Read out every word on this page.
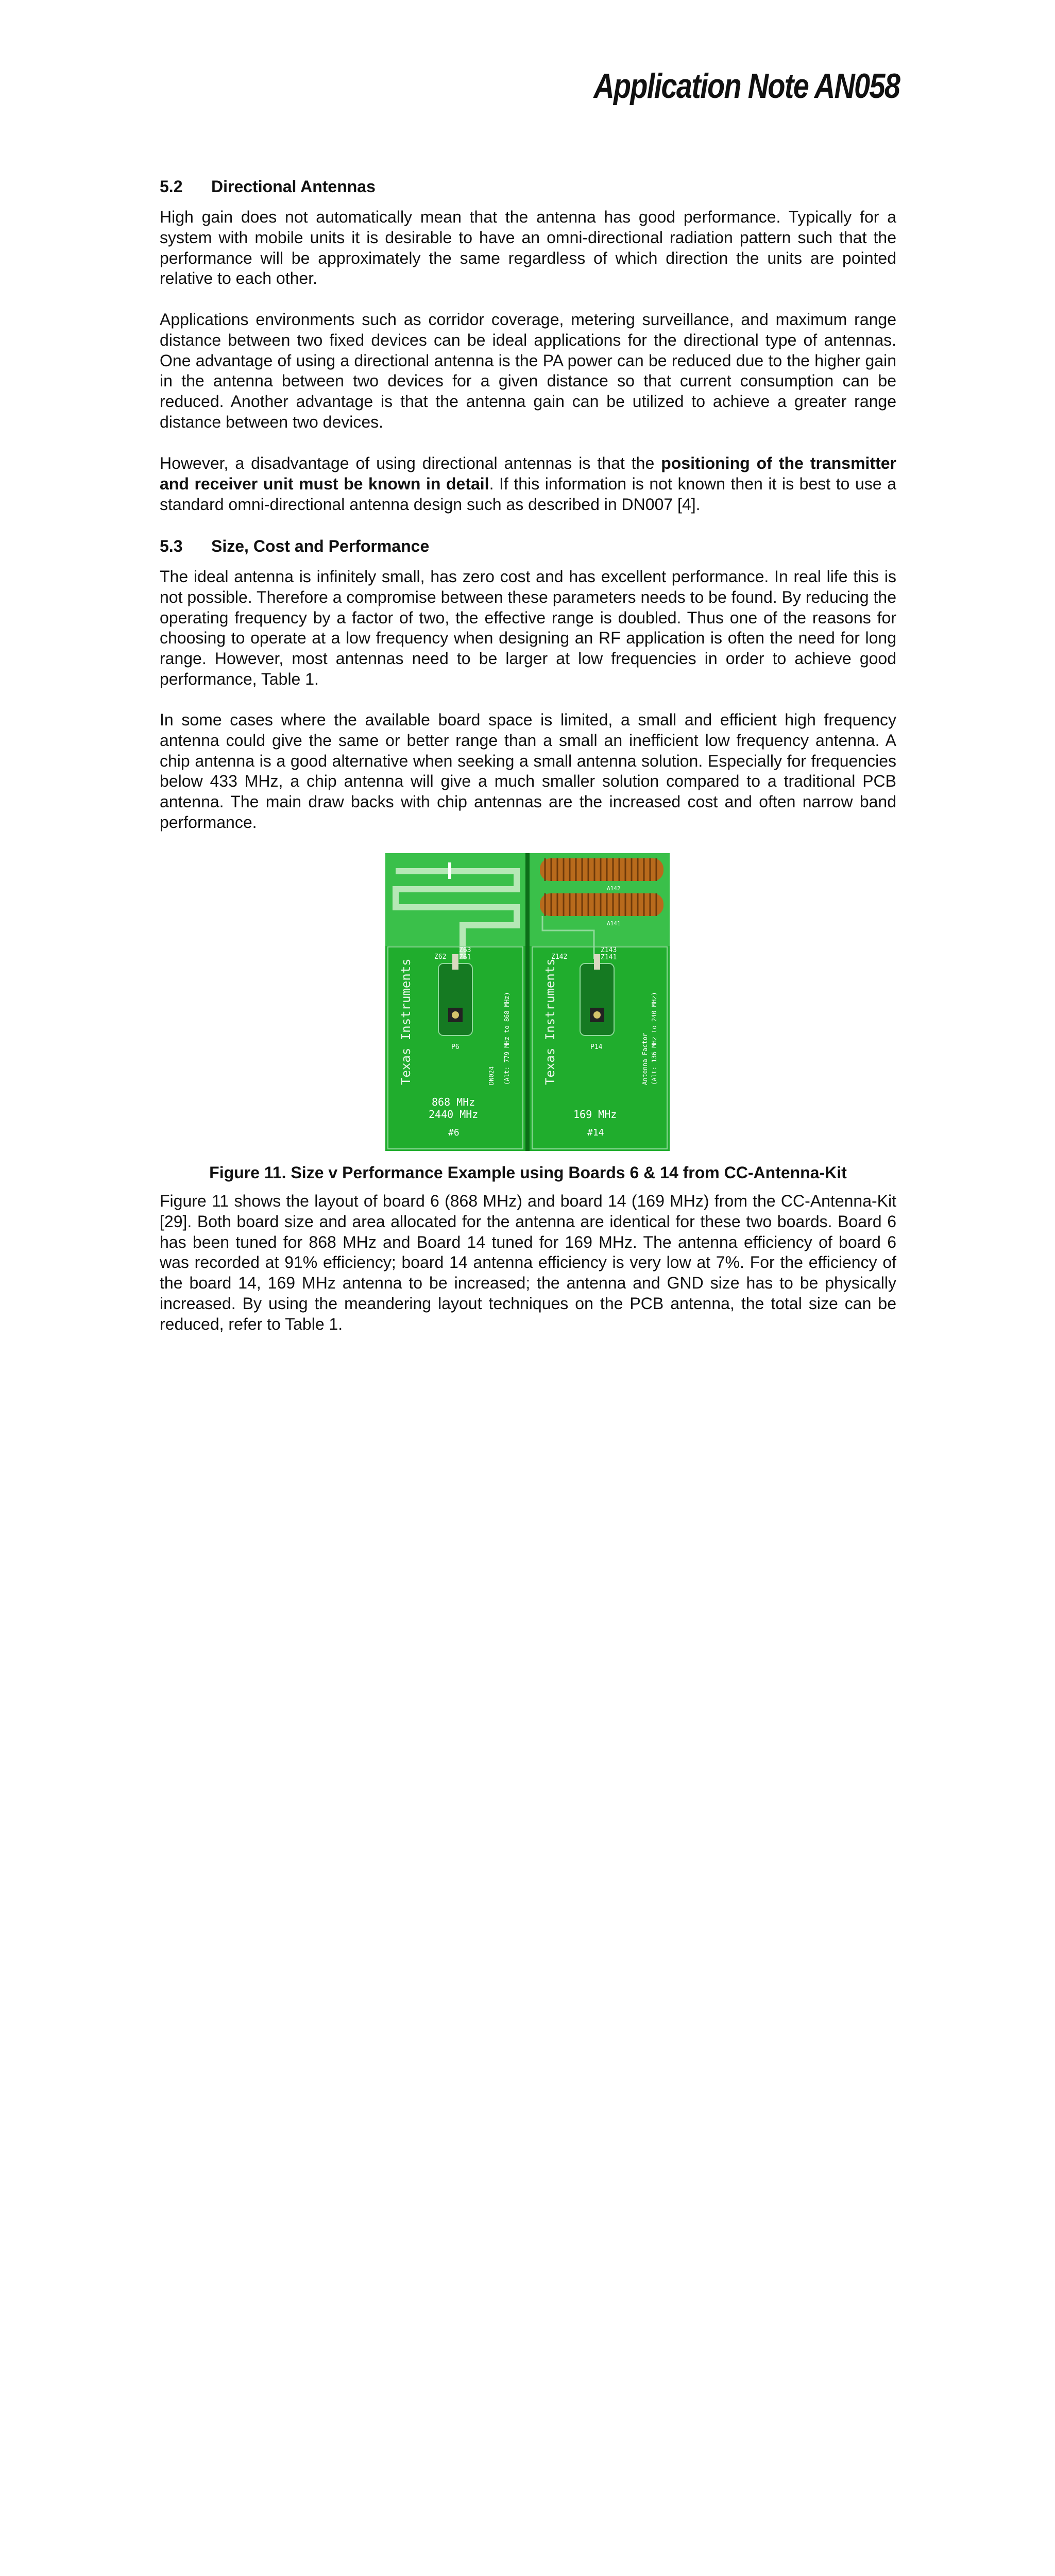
Application Note AN058
5.2 Directional Antennas

High gain does not automatically mean that the antenna has good performance. Typically for a system with mobile units it is desirable to have an omni-directional radiation pattern such that the performance will be approximately the same regardless of which direction the units are pointed relative to each other.

Applications environments such as corridor coverage, metering surveillance, and maximum range distance between two fixed devices can be ideal applications for the directional type of antennas. One advantage of using a directional antenna is the PA power can be reduced due to the higher gain in the antenna between two devices for a given distance so that current consumption can be reduced. Another advantage is that the antenna gain can be utilized to achieve a greater range distance between two devices.

However, a disadvantage of using directional antennas is that the positioning of the transmitter and receiver unit must be known in detail. If this information is not known then it is best to use a standard omni-directional antenna design such as described in DN007 [4].

5.3 Size, Cost and Performance

The ideal antenna is infinitely small, has zero cost and has excellent performance. In real life this is not possible. Therefore a compromise between these parameters needs to be found. By reducing the operating frequency by a factor of two, the effective range is doubled. Thus one of the reasons for choosing to operate at a low frequency when designing an RF application is often the need for long range. However, most antennas need to be larger at low frequencies in order to achieve good performance, Table 1.

In some cases where the available board space is limited, a small and efficient high frequency antenna could give the same or better range than a small an inefficient low frequency antenna. A chip antenna is a good alternative when seeking a small antenna solution. Especially for frequencies below 433 MHz, a chip antenna will give a much smaller solution compared to a traditional PCB antenna. The main draw backs with chip antennas are the increased cost and often narrow band performance.

Z62
Z63
Z61
P6
Texas Instruments	DN024 (Alt: 779 MHz to 868 MHz)
868 MHz
2440 MHz
#6
A142
A141
Z142
Z143
Z141
P14
Texas Instruments	Antenna Factor (Alt: 136 MHz to 240 MHz)
169 MHz
#14
Figure 11. Size v Performance Example using Boards 6 & 14 from CC-Antenna-Kit

Figure 11 shows the layout of board 6 (868 MHz) and board 14 (169 MHz) from the CC-Antenna-Kit [29]. Both board size and area allocated for the antenna are identical for these two boards. Board 6 has been tuned for 868 MHz and Board 14 tuned for 169 MHz. The antenna efficiency of board 6 was recorded at 91% efficiency; board 14 antenna efficiency is very low at 7%. For the efficiency of the board 14, 169 MHz antenna to be increased; the antenna and GND size has to be physically increased. By using the meandering layout techniques on the PCB antenna, the total size can be reduced, refer to Table 1.
